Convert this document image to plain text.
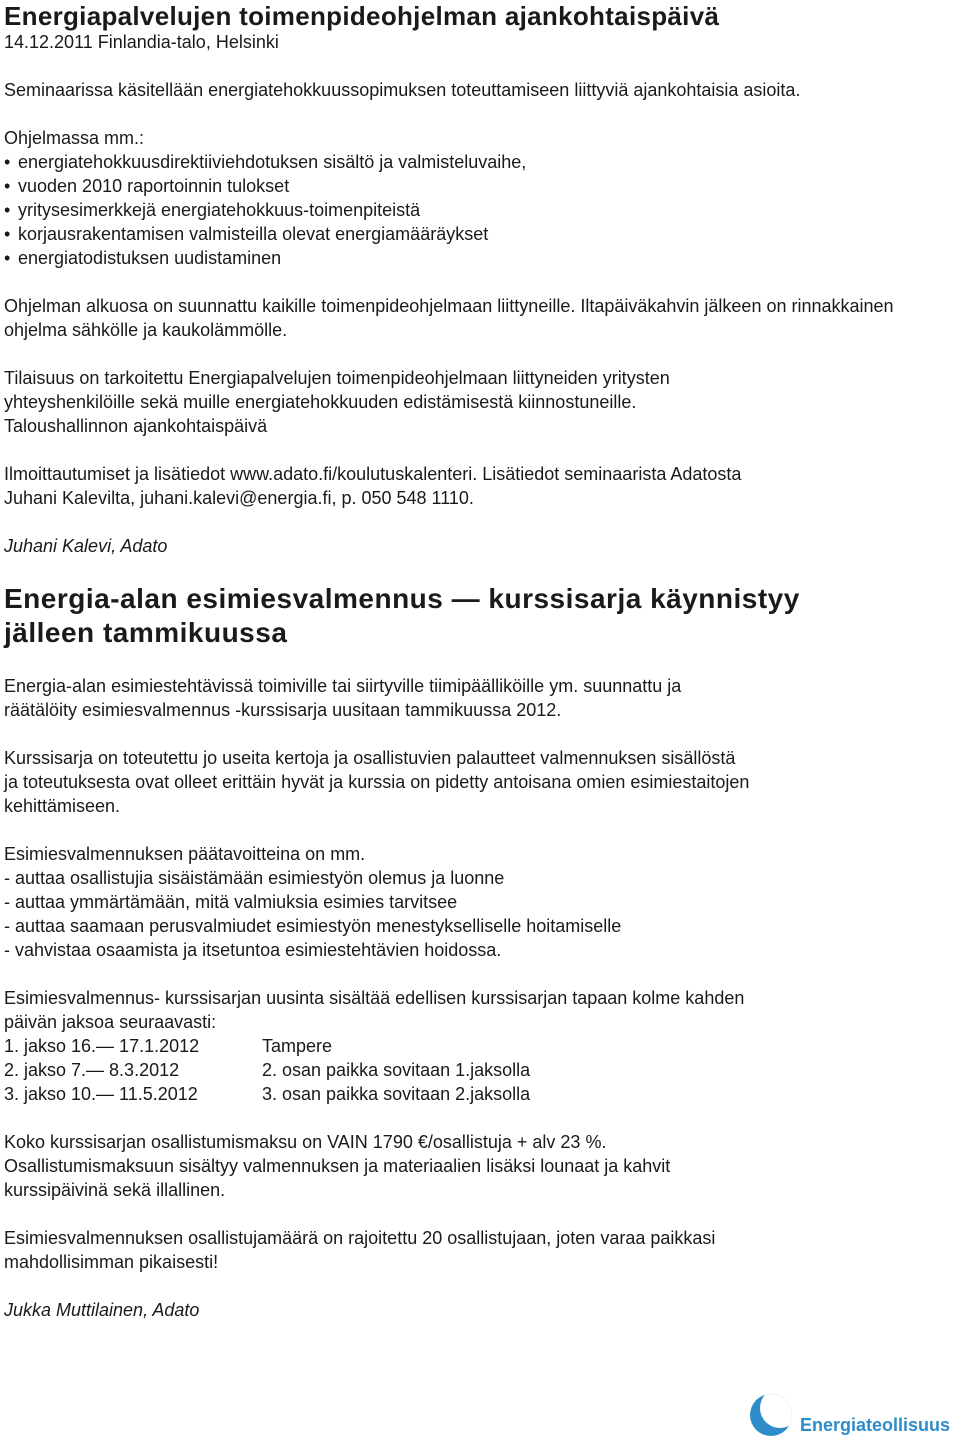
Energiapalvelujen toimenpideohjelman ajankohtaispäivä

14.12.2011 Finlandia-talo, Helsinki

Seminaarissa käsitellään energiatehokkuussopimuksen toteuttamiseen liittyviä ajankohtaisia asioita.

Ohjelmassa mm.:

• energiatehokkuusdirektiiviehdotuksen sisältö ja valmisteluvaihe,
• vuoden 2010 raportoinnin tulokset
• yritysesimerkkejä energiatehokkuus-toimenpiteistä
• korjausrakentamisen valmisteilla olevat energiamääräykset
• energiatodistuksen uudistaminen

Ohjelman alkuosa on suunnattu kaikille toimenpideohjelmaan liittyneille. Iltapäiväkahvin jälkeen on rinnakkainen ohjelma sähkölle ja kaukolämmölle.

Tilaisuus on tarkoitettu Energiapalvelujen toimenpideohjelmaan liittyneiden yritysten

yhteyshenkilöille sekä muille energiatehokkuuden edistämisestä kiinnostuneille.

Taloushallinnon ajankohtaispäivä

Ilmoittautumiset ja lisätiedot www.adato.fi/koulutuskalenteri. Lisätiedot seminaarista Adatosta

Juhani Kalevilta, juhani.kalevi@energia.fi, p. 050 548 1110.

Juhani Kalevi, Adato

Energia-alan esimiesvalmennus — kurssisarja käynnistyy
jälleen tammikuussa

Energia-alan esimiestehtävissä toimiville tai siirtyville tiimipäälliköille ym. suunnattu ja

räätälöity esimiesvalmennus -kurssisarja uusitaan tammikuussa 2012.

Kurssisarja on toteutettu jo useita kertoja ja osallistuvien palautteet valmennuksen sisällöstä

ja toteutuksesta ovat olleet erittäin hyvät ja kurssia on pidetty antoisana omien esimiestaitojen

kehittämiseen.

Esimiesvalmennuksen päätavoitteina on mm.

- auttaa osallistujia sisäistämään esimiestyön olemus ja luonne

- auttaa ymmärtämään, mitä valmiuksia esimies tarvitsee

- auttaa saamaan perusvalmiudet esimiestyön menestykselliselle hoitamiselle

- vahvistaa osaamista ja itsetuntoa esimiestehtävien hoidossa.

Esimiesvalmennus- kurssisarjan uusinta sisältää edellisen kurssisarjan tapaan kolme kahden

päivän jaksoa seuraavasti:

1. jakso 16.— 17.1.2012	Tampere
2. jakso 7.— 8.3.2012	2. osan paikka sovitaan 1.jaksolla
3. jakso 10.— 11.5.2012	3. osan paikka sovitaan 2.jaksolla

Koko kurssisarjan osallistumismaksu on VAIN 1790 €/osallistuja + alv 23 %.

Osallistumismaksuun sisältyy valmennuksen ja materiaalien lisäksi lounaat ja kahvit

kurssipäivinä sekä illallinen.

Esimiesvalmennuksen osallistujamäärä on rajoitettu 20 osallistujaan, joten varaa paikkasi

mahdollisimman pikaisesti!

Jukka Muttilainen, Adato

Energiateollisuus
